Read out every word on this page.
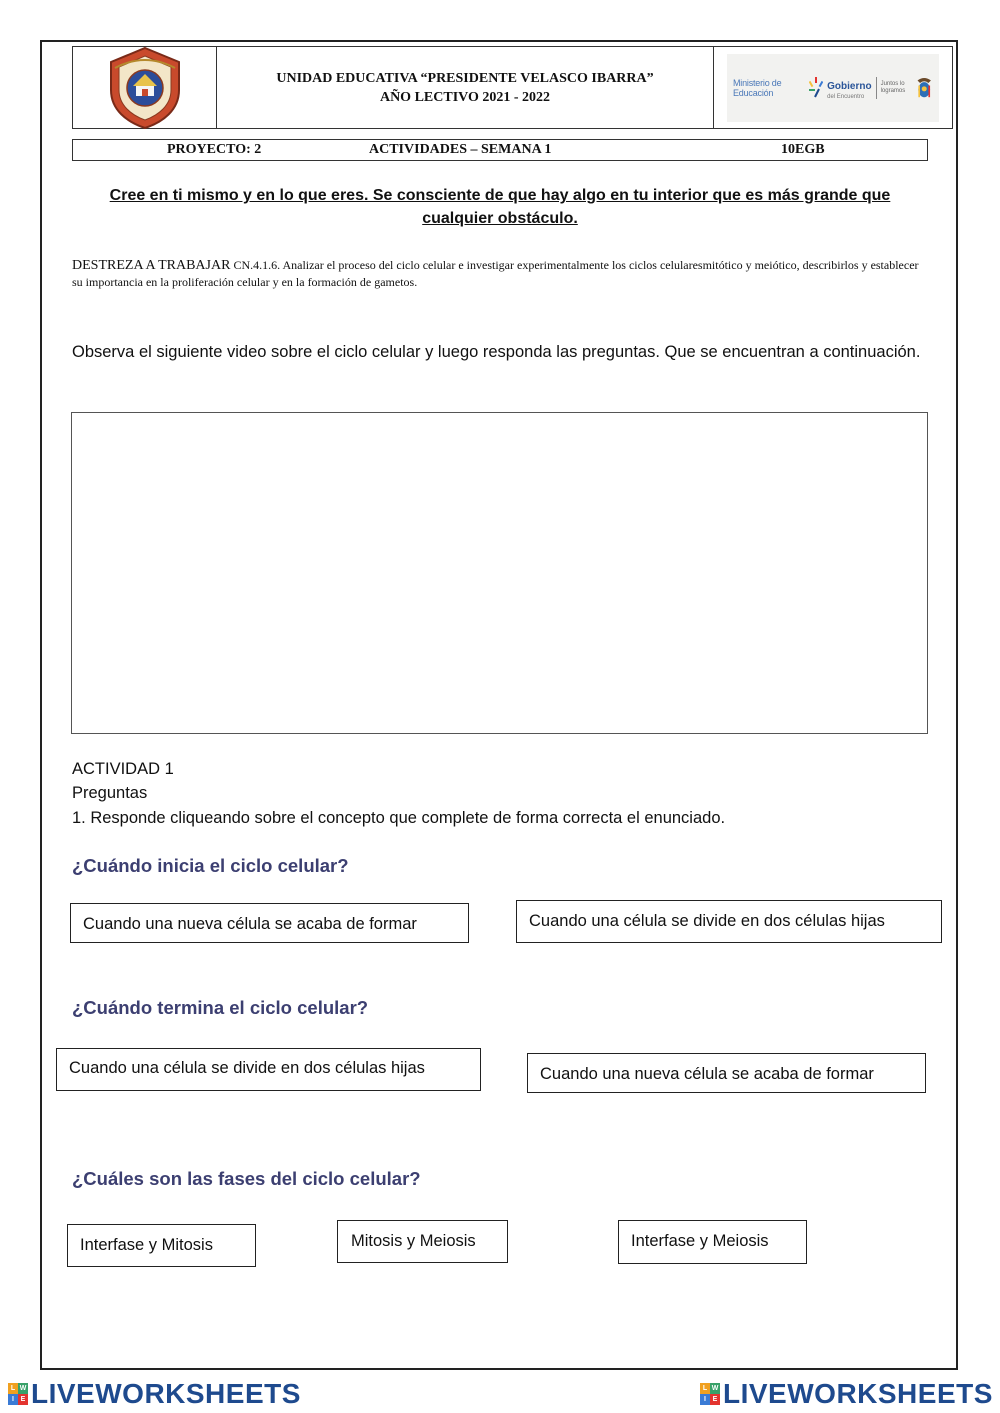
UNIDAD EDUCATIVA “PRESIDENTE VELASCO IBARRA”
AÑO LECTIVO 2021 - 2022
Ministerio de Educación
Gobierno
del Encuentro
Juntos lo logramos
PROYECTO: 2	ACTIVIDADES – SEMANA 1	10EGB
Cree en ti mismo y en lo que eres. Se consciente de que hay algo en tu interior que es más grande que cualquier obstáculo.
DESTREZA A TRABAJAR CN.4.1.6. Analizar el proceso del ciclo celular e investigar experimentalmente los ciclos celularesmitótico y meiótico, describirlos y establecer su importancia en la proliferación celular y en la formación de gametos.
Observa el siguiente video sobre el ciclo celular y luego responda las preguntas. Que se encuentran a continuación.
ACTIVIDAD 1
Preguntas
1. Responde cliqueando sobre el concepto que complete de forma correcta el enunciado.
¿Cuándo inicia el ciclo celular?
Cuando una nueva célula se acaba de formar	Cuando una célula se divide en dos células hijas
¿Cuándo termina el ciclo celular?
Cuando una célula se divide en dos células hijas	Cuando una nueva célula se acaba de formar
¿Cuáles son las fases del ciclo celular?
Interfase y Mitosis	Mitosis y Meiosis	Interfase y Meiosis
L W
I E LIVEWORKSHEETS	L W
I E LIVEWORKSHEETS
